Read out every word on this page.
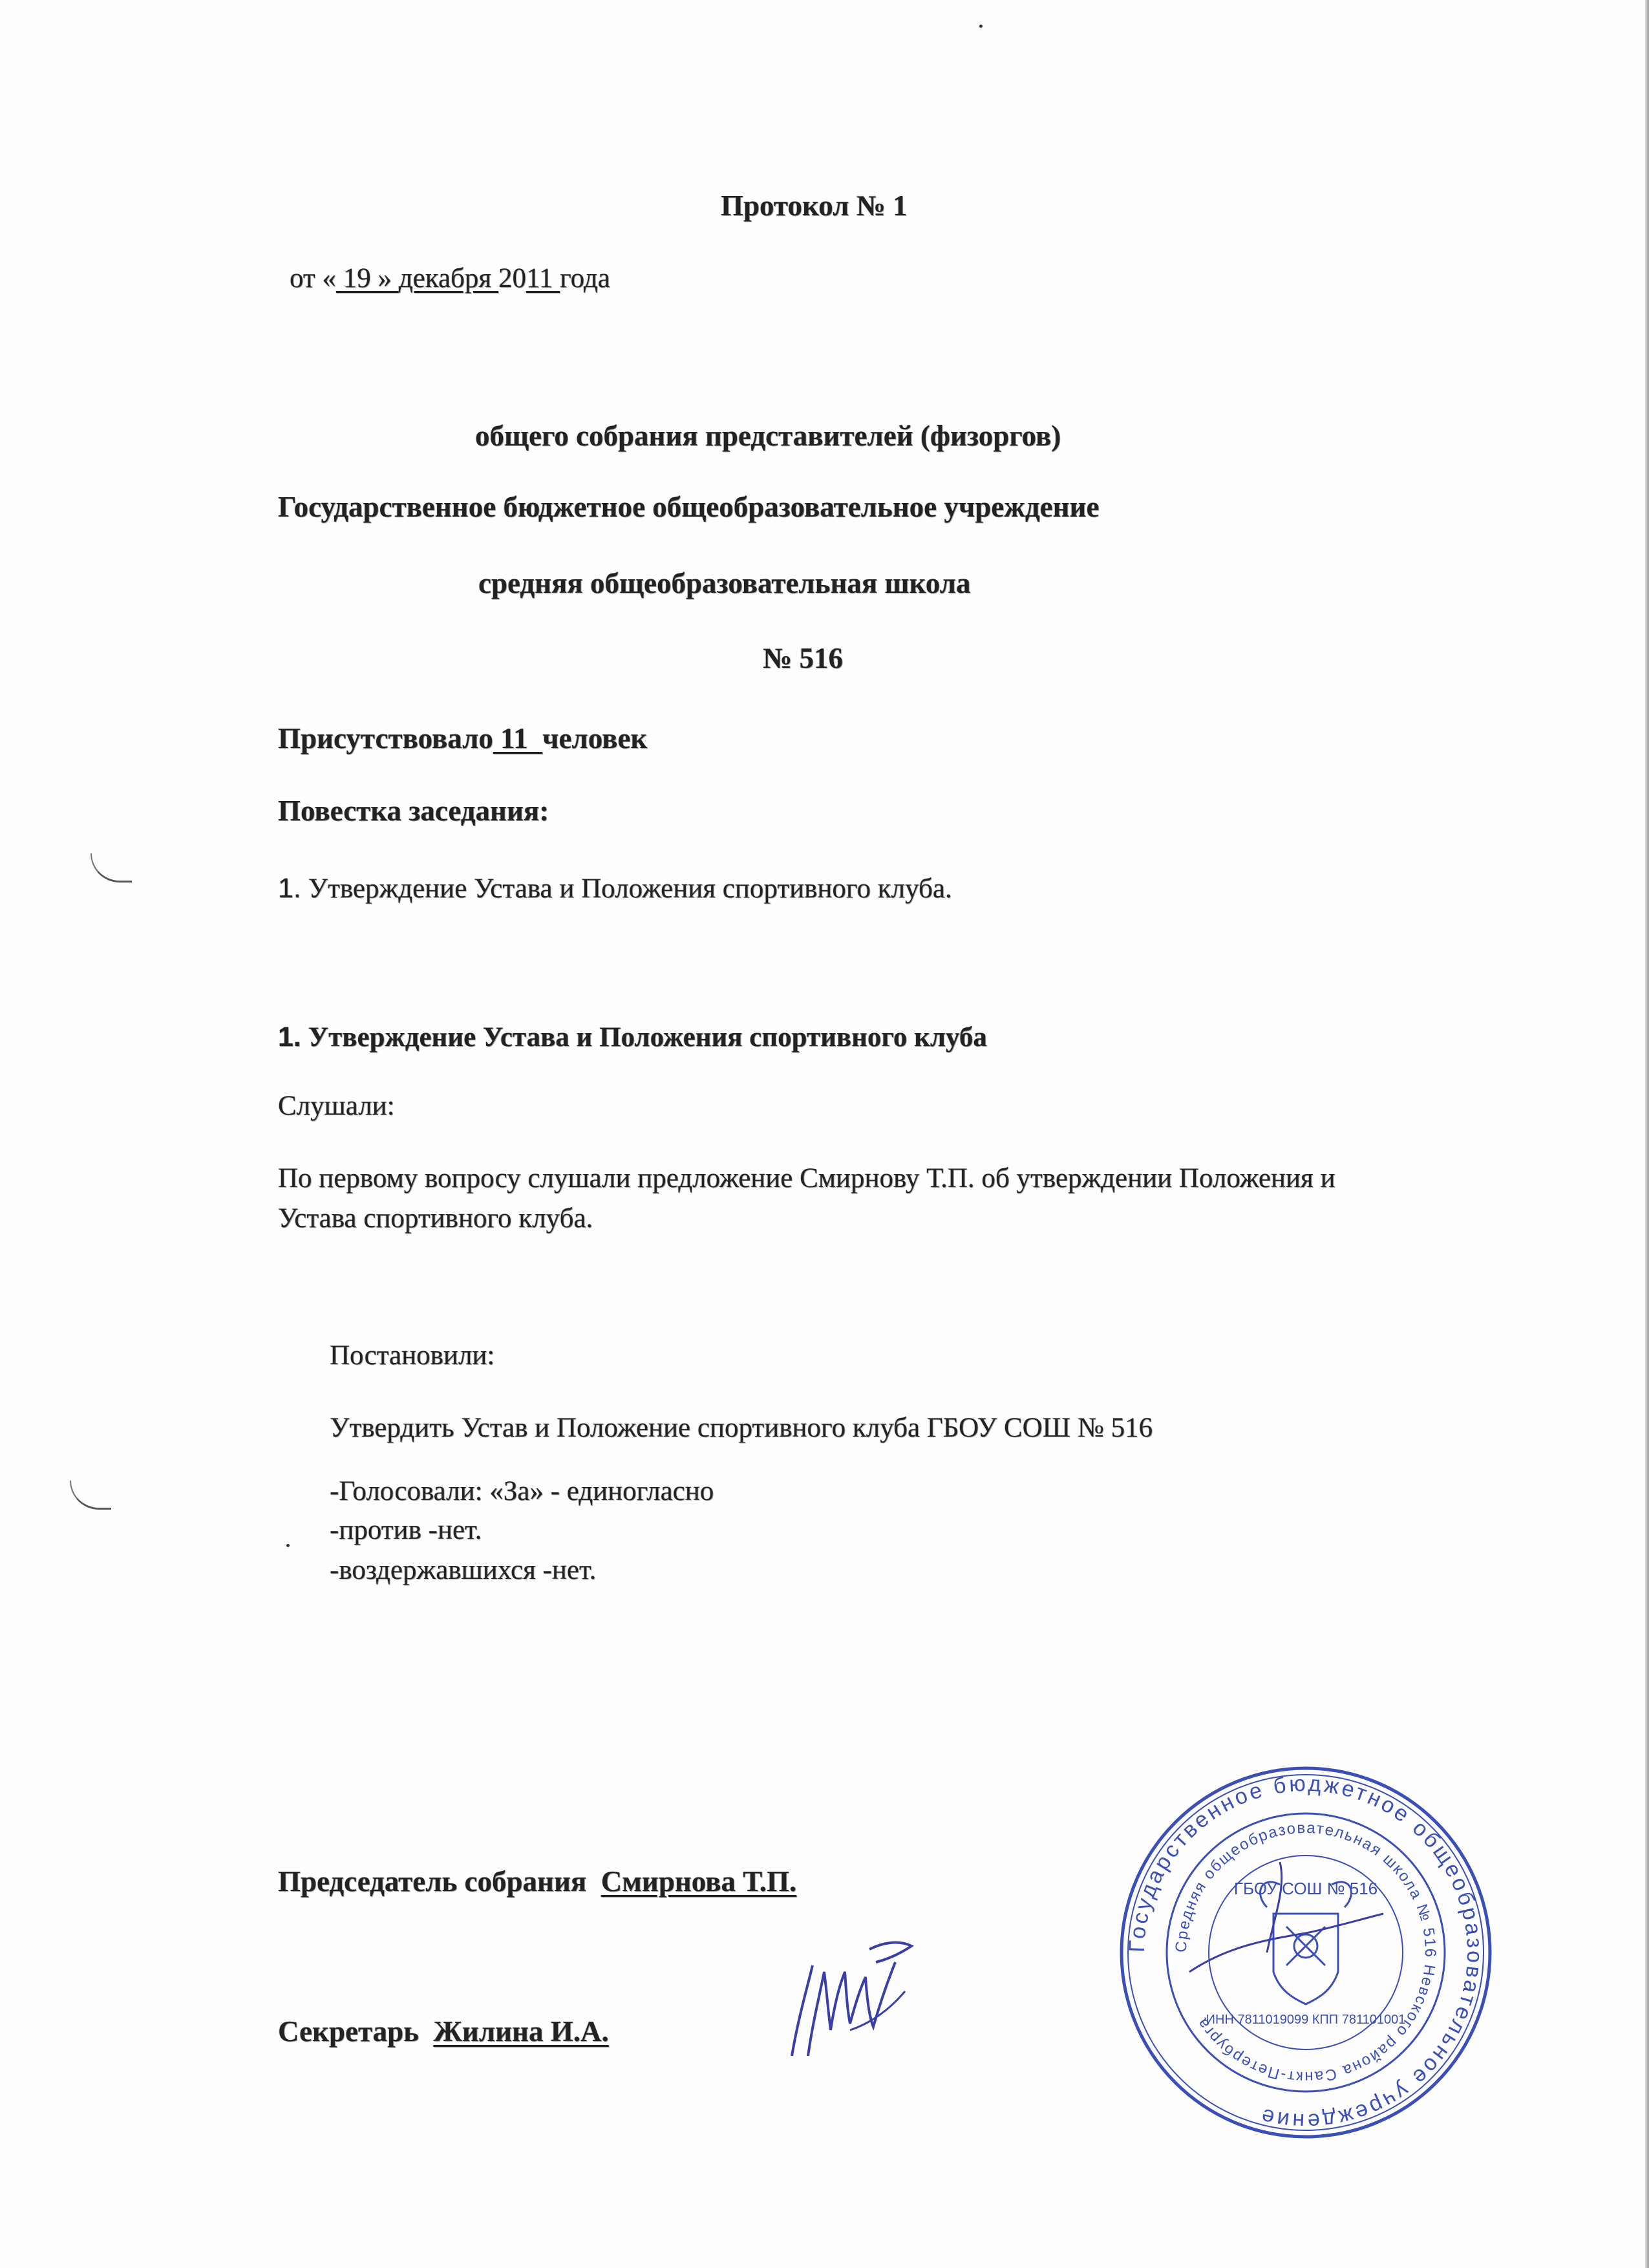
Протокол № 1
от « 19 » декабря 2011 года
общего собрания представителей (физоргов)
Государственное бюджетное общеобразовательное учреждение
средняя общеобразовательная школа
№ 516
Присутствовало 11  человек
Повестка заседания:
1. Утверждение Устава и Положения спортивного клуба.
1. Утверждение Устава и Положения спортивного клуба
Слушали:
По первому вопросу слушали предложение Смирнову Т.П. об утверждении Положения и
Устава спортивного клуба.
Постановили:
Утвердить Устав и Положение спортивного клуба ГБОУ СОШ № 516
-Голосовали: «За» - единогласно
-против -нет.
-воздержавшихся -нет.
Председатель собрания Смирнова Т.П.
Секретарь Жилина И.А.
Государственное бюджетное общеобразовательное учреждение
Средняя общеобразовательная школа № 516 Невского района Санкт-Петербурга
ГБОУ СОШ № 516
ИНН 7811019099 КПП 781101001
